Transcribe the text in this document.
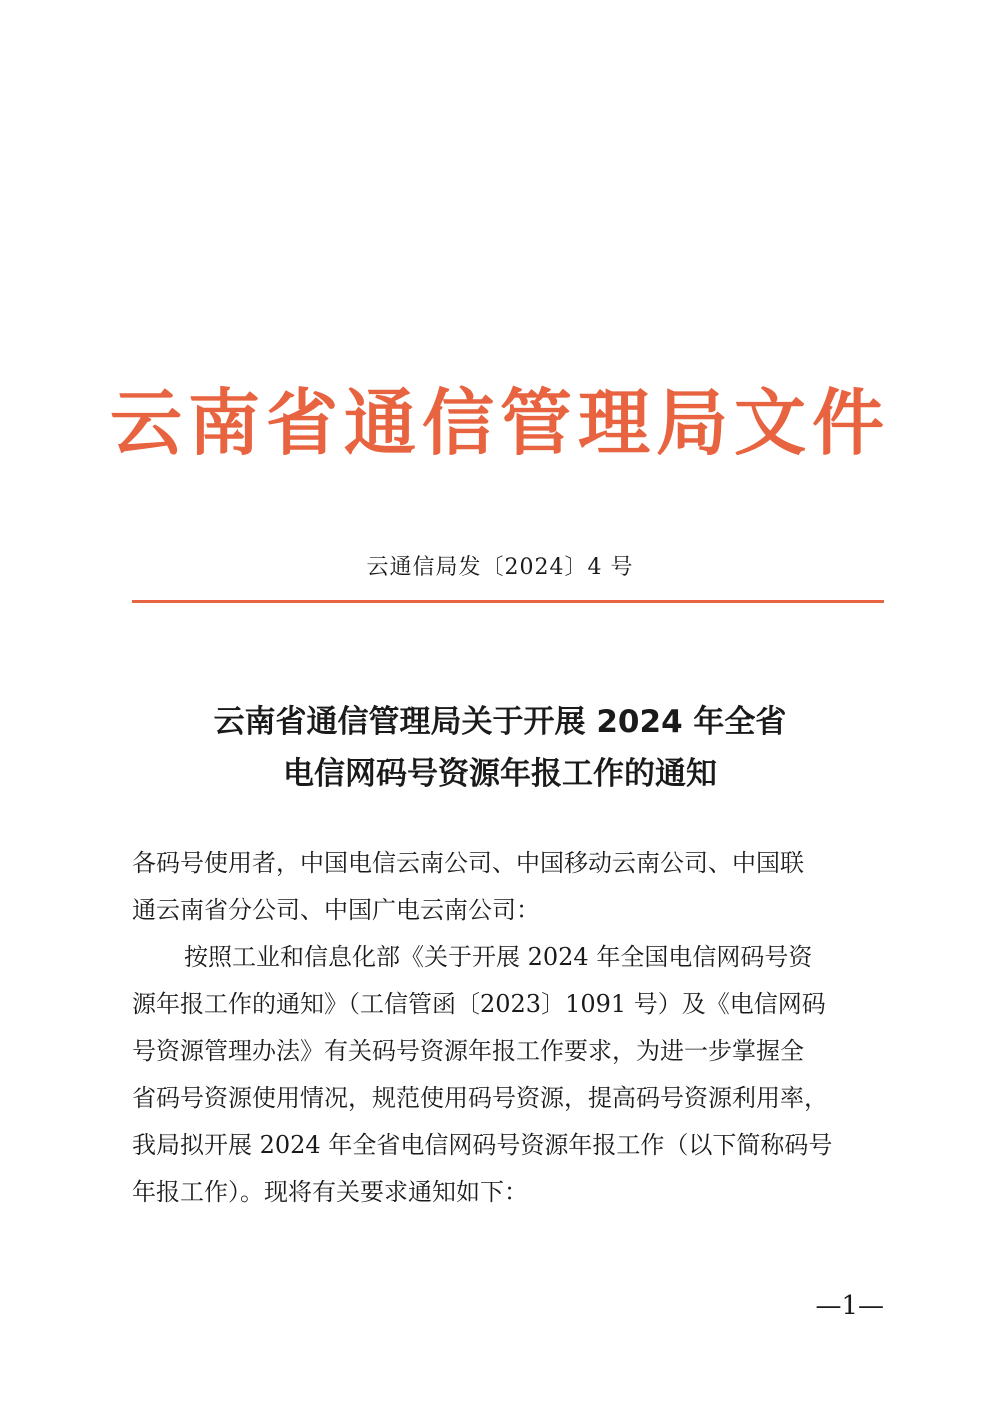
云南省通信管理局文件
云通信局发〔2024〕4 号
云南省通信管理局关于开展 2024 年全省
电信网码号资源年报工作的通知
各码号使用者，中国电信云南公司、中国移动云南公司、中国联
通云南省分公司、中国广电云南公司：
按照工业和信息化部《关于开展 2024 年全国电信网码号资
源年报工作的通知》（工信管函〔2023〕1091 号）及《电信网码
号资源管理办法》有关码号资源年报工作要求，为进一步掌握全
省码号资源使用情况，规范使用码号资源，提高码号资源利用率，
我局拟开展 2024 年全省电信网码号资源年报工作（以下简称码号
年报工作）。现将有关要求通知如下：
—1—
